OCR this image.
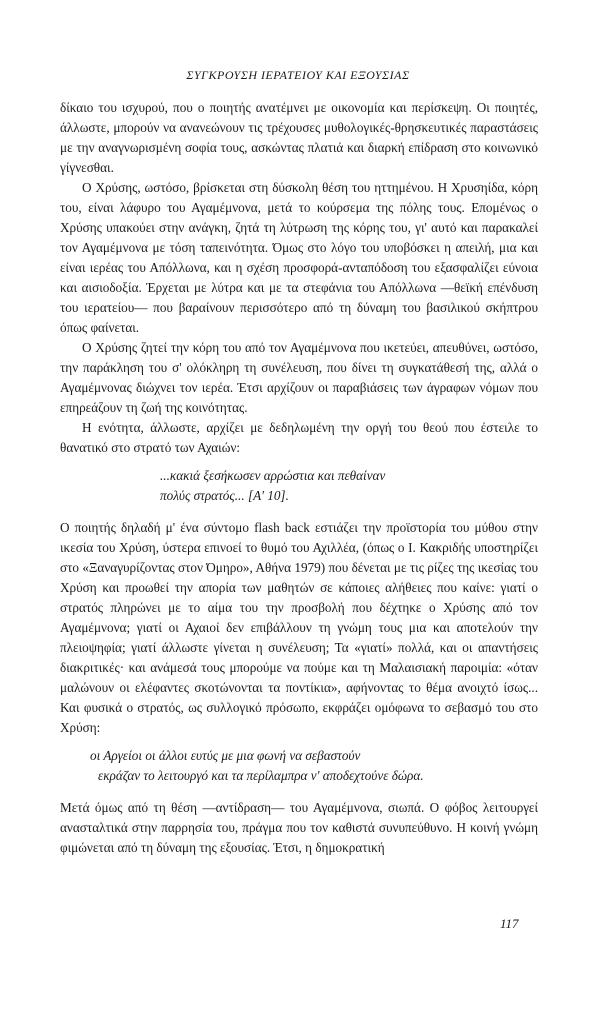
ΣΥΓΚΡΟΥΣΗ ΙΕΡΑΤΕΙΟΥ ΚΑΙ ΕΞΟΥΣΙΑΣ

δίκαιο του ισχυρού, που ο ποιητής ανατέμνει με οικονομία και περίσκεψη. Οι ποιητές, άλλωστε, μπορούν να ανανεώνουν τις τρέχουσες μυθολογικές-θρησκευτικές παραστάσεις με την αναγνωρισμένη σοφία τους, ασκώντας πλατιά και διαρκή επίδραση στο κοινωνικό γίγνεσθαι.

Ο Χρύσης, ωστόσο, βρίσκεται στη δύσκολη θέση του ηττημένου. Η Χρυσηίδα, κόρη του, είναι λάφυρο του Αγαμέμνονα, μετά το κούρσεμα της πόλης τους. Επομένως ο Χρύσης υπακούει στην ανάγκη, ζητά τη λύτρωση της κόρης του, γι' αυτό και παρακαλεί τον Αγαμέμνονα με τόση ταπεινότητα. Όμως στο λόγο του υποβόσκει η απειλή, μια και είναι ιερέας του Απόλλωνα, και η σχέση προσφορά-ανταπόδοση του εξασφαλίζει εύνοια και αισιοδοξία. Έρχεται με λύτρα και με τα στεφάνια του Απόλλωνα —θεϊκή επένδυση του ιερατείου— που βαραίνουν περισσότερο από τη δύναμη του βασιλικού σκήπτρου όπως φαίνεται.

Ο Χρύσης ζητεί την κόρη του από τον Αγαμέμνονα που ικετεύει, απευθύνει, ωστόσο, την παράκληση του σ' ολόκληρη τη συνέλευση, που δίνει τη συγκατάθεσή της, αλλά ο Αγαμέμνονας διώχνει τον ιερέα. Έτσι αρχίζουν οι παραβιάσεις των άγραφων νόμων που επηρεάζουν τη ζωή της κοινότητας.

Η ενότητα, άλλωστε, αρχίζει με δεδηλωμένη την οργή του θεού που έστειλε το θανατικό στο στρατό των Αχαιών:

...κακιά ξεσήκωσεν αρρώστια και πεθαίναν
πολύς στρατός... [Α' 10].

Ο ποιητής δηλαδή μ' ένα σύντομο flash back εστιάζει την προϊστορία του μύθου στην ικεσία του Χρύση, ύστερα επινοεί το θυμό του Αχιλλέα, (όπως ο Ι. Κακριδής υποστηρίζει στο «Ξαναγυρίζοντας στον Όμηρο», Αθήνα 1979) που δένεται με τις ρίζες της ικεσίας του Χρύση και προωθεί την απορία των μαθητών σε κάποιες αλήθειες που καίνε: γιατί ο στρατός πληρώνει με το αίμα του την προσβολή που δέχτηκε ο Χρύσης από τον Αγαμέμνονα; γιατί οι Αχαιοί δεν επιβάλλουν τη γνώμη τους μια και αποτελούν την πλειοψηφία; γιατί άλλωστε γίνεται η συνέλευση; Τα «γιατί» πολλά, και οι απαντήσεις διακριτικές· και ανάμεσά τους μπορούμε να πούμε και τη Μαλαισιακή παροιμία: «όταν μαλώνουν οι ελέφαντες σκοτώνονται τα ποντίκια», αφήνοντας το θέμα ανοιχτό ίσως... Και φυσικά ο στρατός, ως συλλογικό πρόσωπο, εκφράζει ομόφωνα το σεβασμό του στο Χρύση:

οι Αργείοι οι άλλοι ευτύς με μια φωνή να σεβαστούν
εκράζαν το λειτουργό και τα περίλαμπρα ν' αποδεχτούνε δώρα.

Μετά όμως από τη θέση —αντίδραση— του Αγαμέμνονα, σιωπά. Ο φόβος λειτουργεί ανασταλτικά στην παρρησία του, πράγμα που τον καθιστά συνυπεύθυνο. Η κοινή γνώμη φιμώνεται από τη δύναμη της εξουσίας. Έτσι, η δημοκρατική

117
